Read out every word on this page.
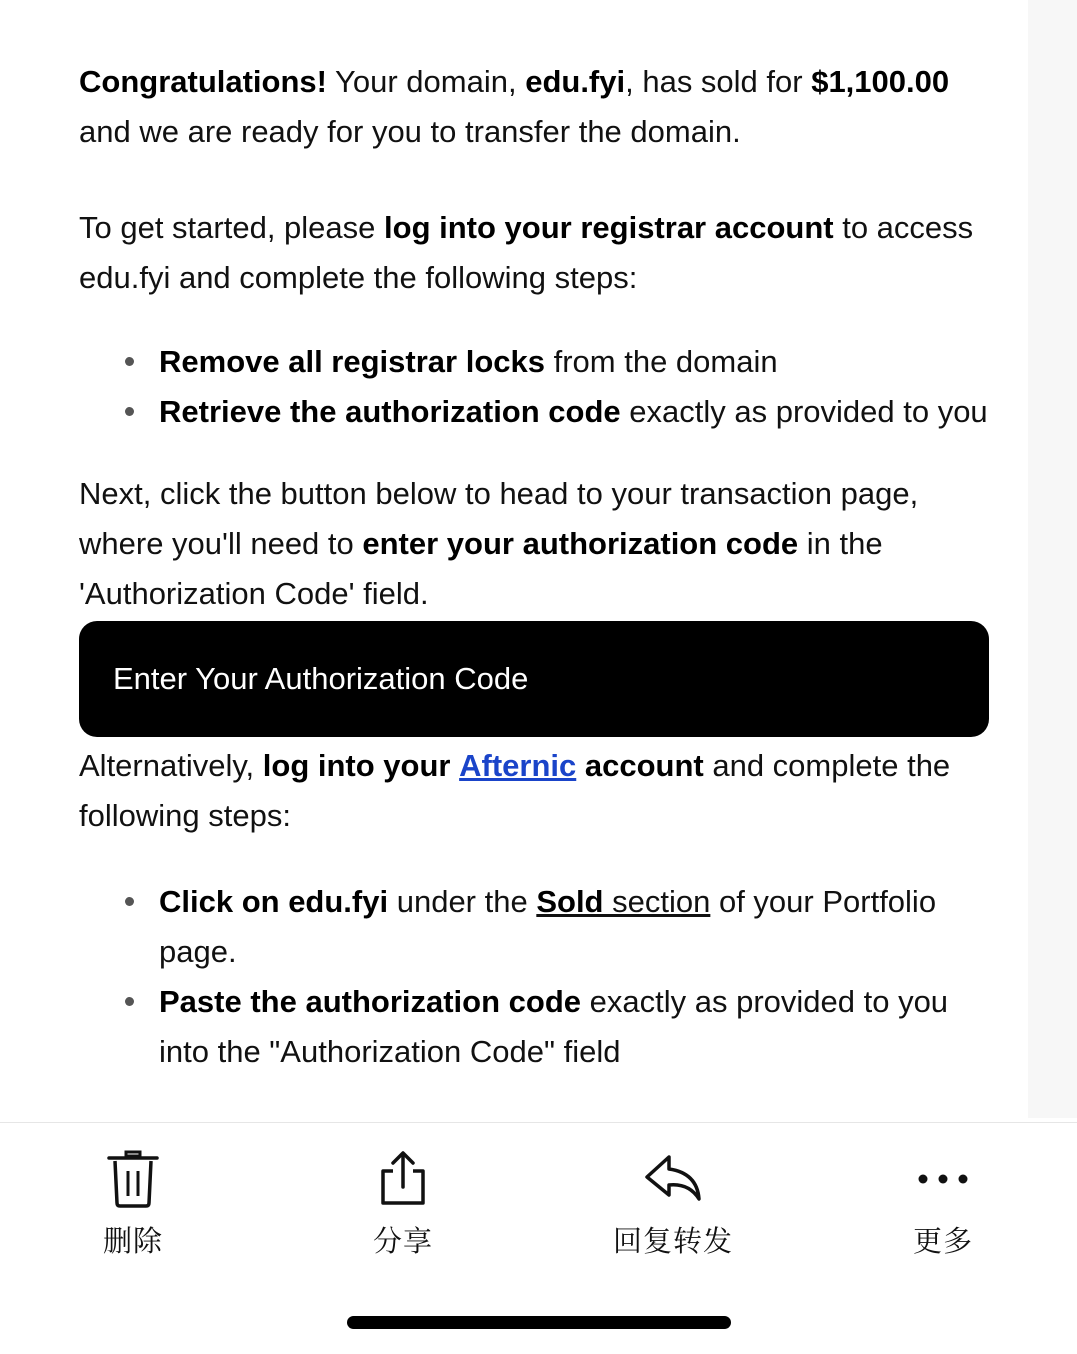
Congratulations! Your domain, edu.fyi, has sold for $1,100.00 and we are ready for you to transfer the domain.

To get started, please log into your registrar account to access edu.fyi and complete the following steps:

Remove all registrar locks from the domain
Retrieve the authorization code exactly as provided to you

Next, click the button below to head to your transaction page, where you'll need to enter your authorization code in the 'Authorization Code' field.

Enter Your Authorization Code

Alternatively, log into your Afternic account and complete the following steps:

Click on edu.fyi under the Sold section of your Portfolio page.
Paste the authorization code exactly as provided to you into the "Authorization Code" field
删除	分享	回复转发	更多
